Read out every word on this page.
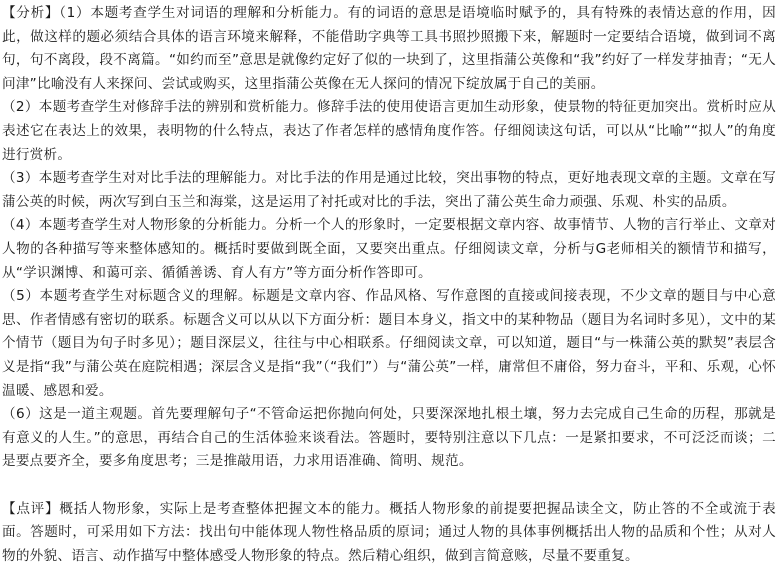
【分析】（1）本题考查学生对词语的理解和分析能力。有的词语的意思是语境临时赋予的，具有特殊的表情达意的作用，因此，做这样的题必须结合具体的语言环境来解释，不能借助字典等工具书照抄照搬下来，解题时一定要结合语境，做到词不离句，句不离段，段不离篇。“如约而至”意思是就像约定好了似的一块到了，这里指蒲公英像和“我”约好了一样发芽抽青；“无人问津”比喻没有人来探问、尝试或购买，这里指蒲公英像在无人探问的情况下绽放属于自己的美丽。

（2）本题考查学生对修辞手法的辨别和赏析能力。修辞手法的使用使语言更加生动形象，使景物的特征更加突出。赏析时应从表述它在表达上的效果，表明物的什么特点，表达了作者怎样的感情角度作答。仔细阅读这句话，可以从“比喻”“拟人”的角度进行赏析。

（3）本题考查学生对对比手法的理解能力。对比手法的作用是通过比较，突出事物的特点，更好地表现文章的主题。文章在写蒲公英的时候，两次写到白玉兰和海棠，这是运用了衬托或对比的手法，突出了蒲公英生命力顽强、乐观、朴实的品质。

（4）本题考查学生对人物形象的分析能力。分析一个人的形象时，一定要根据文章内容、故事情节、人物的言行举止、文章对人物的各种描写等来整体感知的。概括时要做到既全面，又要突出重点。仔细阅读文章，分析与G老师相关的额情节和描写，从“学识渊博、和蔼可亲、循循善诱、育人有方”等方面分析作答即可。

（5）本题考查学生对标题含义的理解。标题是文章内容、作品风格、写作意图的直接或间接表现，不少文章的题目与中心意思、作者情感有密切的联系。标题含义可以从以下方面分析：题目本身义，指文中的某种物品（题目为名词时多见），文中的某个情节（题目为句子时多见）；题目深层义，往往与中心相联系。仔细阅读文章，可以知道，题目“与一株蒲公英的默契”表层含义是指“我”与蒲公英在庭院相遇；深层含义是指“我”（“我们”）与“蒲公英”一样，庸常但不庸俗，努力奋斗，平和、乐观，心怀温暖、感恩和爱。

（6）这是一道主观题。首先要理解句子“不管命运把你抛向何处，只要深深地扎根土壤，努力去完成自己生命的历程，那就是有意义的人生。”的意思，再结合自己的生活体验来谈看法。答题时，要特别注意以下几点：一是紧扣要求，不可泛泛而谈；二是要点要齐全，要多角度思考；三是推敲用语，力求用语准确、简明、规范。

【点评】概括人物形象，实际上是考查整体把握文本的能力。概括人物形象的前提要把握品读全文，防止答的不全或流于表面。答题时，可采用如下方法：找出句中能体现人物性格品质的原词；通过人物的具体事例概括出人物的品质和个性；从对人物的外貌、语言、动作描写中整体感受人物形象的特点。然后精心组织，做到言简意赅，尽量不要重复。
